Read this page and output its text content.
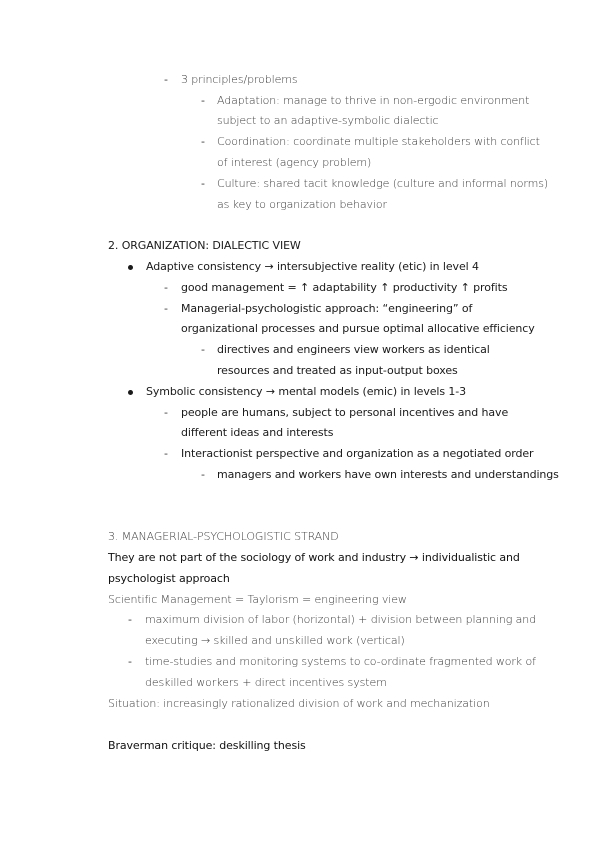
- 3 principles/problems
- Adaptation: manage to thrive in non-ergodic environment
subject to an adaptive-symbolic dialectic
- Coordination: coordinate multiple stakeholders with conflict
of interest (agency problem)
- Culture: shared tacit knowledge (culture and informal norms)
as key to organization behavior
2. ORGANIZATION: DIALECTIC VIEW
Adaptive consistency → intersubjective reality (etic) in level 4
- good management = ↑ adaptability ↑ productivity ↑ profits
- Managerial-psychologistic approach: “engineering” of
organizational processes and pursue optimal allocative efficiency
- directives and engineers view workers as identical
resources and treated as input-output boxes
Symbolic consistency → mental models (emic) in levels 1-3
- people are humans, subject to personal incentives and have
different ideas and interests
- Interactionist perspective and organization as a negotiated order
- managers and workers have own interests and understandings
3. MANAGERIAL-PSYCHOLOGISTIC STRAND
They are not part of the sociology of work and industry → individualistic and
psychologist approach
Scientific Management = Taylorism = engineering view
- maximum division of labor (horizontal) + division between planning and
executing → skilled and unskilled work (vertical)
- time-studies and monitoring systems to co-ordinate fragmented work of
deskilled workers + direct incentives system
Situation: increasingly rationalized division of work and mechanization
Braverman critique: deskilling thesis
